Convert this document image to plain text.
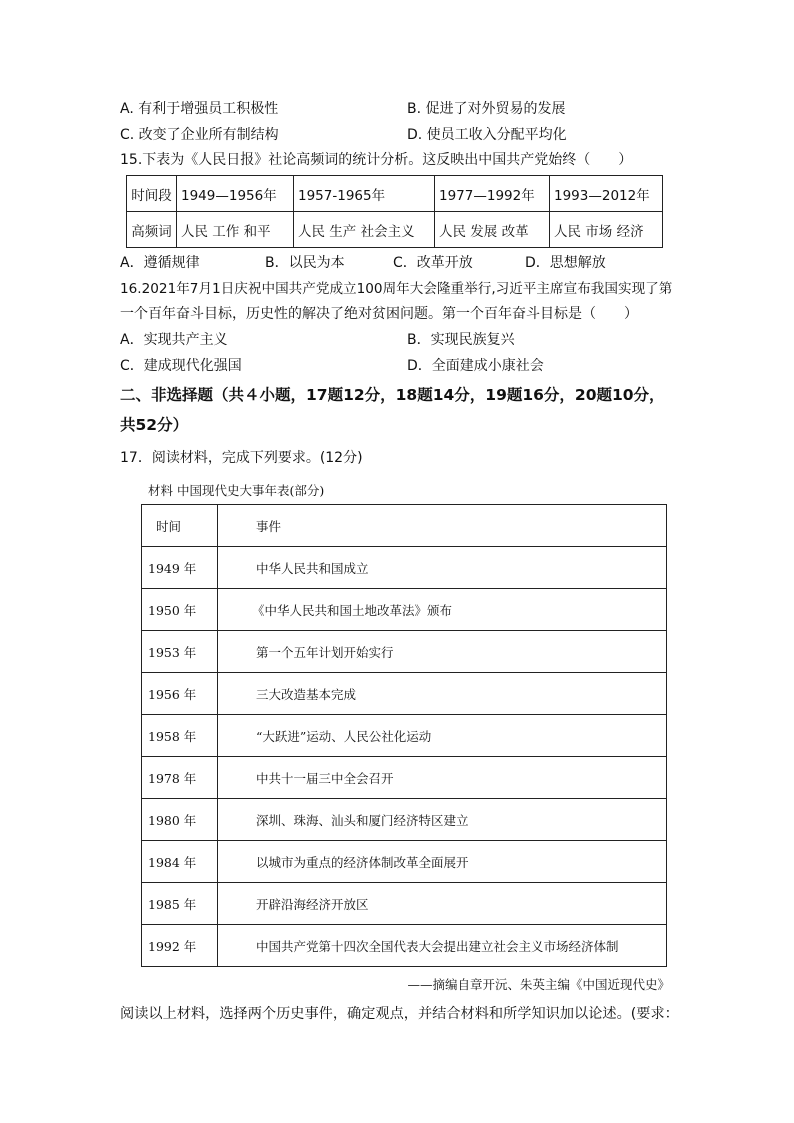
A. 有利于增强员工积极性	B. 促进了对外贸易的发展
C. 改变了企业所有制结构	D. 使员工收入分配平均化
15.下表为《人民日报》社论高频词的统计分析。这反映出中国共产党始终（　　）
时间段	1949—1956年	1957-1965年	1977—1992年	1993—2012年
高频词	人民 工作 和平	人民 生产 社会主义	人民 发展 改革	人民 市场 经济
A．遵循规律	B．以民为本	C．改革开放	D．思想解放
16.2021年7月1日庆祝中国共产党成立100周年大会隆重举行,习近平主席宣布我国实现了第
一个百年奋斗目标，历史性的解决了绝对贫困问题。第一个百年奋斗目标是（　　）
A．实现共产主义	B．实现民族复兴
C．建成现代化强国	D．全面建成小康社会
二、非选择题（共４小题，17题12分，18题14分，19题16分，20题10分，
共52分）
17．阅读材料，完成下列要求。(12分)
材料 中国现代史大事年表(部分)
时间	事件
1949 年	中华人民共和国成立
1950 年	《中华人民共和国土地改革法》颁布
1953 年	第一个五年计划开始实行
1956 年	三大改造基本完成
1958 年	“大跃进”运动、人民公社化运动
1978 年	中共十一届三中全会召开
1980 年	深圳、珠海、汕头和厦门经济特区建立
1984 年	以城市为重点的经济体制改革全面展开
1985 年	开辟沿海经济开放区
1992 年	中国共产党第十四次全国代表大会提出建立社会主义市场经济体制
——摘编自章开沅、朱英主编《中国近现代史》
阅读以上材料，选择两个历史事件，确定观点，并结合材料和所学知识加以论述。(要求：
